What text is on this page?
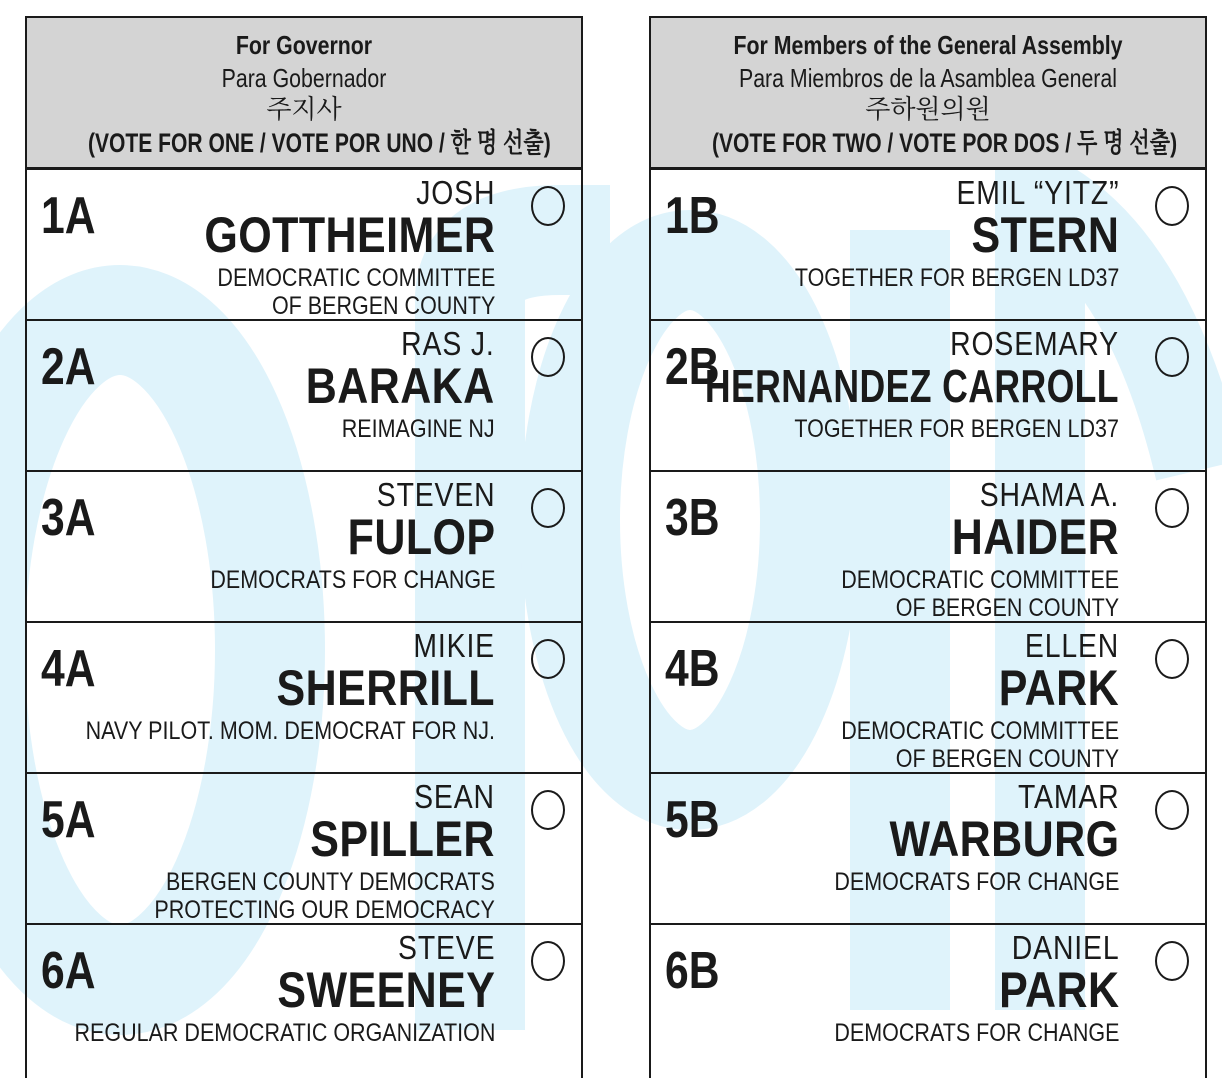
For Governor
Para Gobernador
주지사
(VOTE FOR ONE / VOTE POR UNO / 한 명 선출)
1A	JOSH
GOTTHEIMER
DEMOCRATIC COMMITTEE
OF BERGEN COUNTY
2A	RAS J.
BARAKA
REIMAGINE NJ
3A	STEVEN
FULOP
DEMOCRATS FOR CHANGE
4A	MIKIE
SHERRILL
NAVY PILOT. MOM. DEMOCRAT FOR NJ.
5A	SEAN
SPILLER
BERGEN COUNTY DEMOCRATS
PROTECTING OUR DEMOCRACY
6A	STEVE
SWEENEY
REGULAR DEMOCRATIC ORGANIZATION
For Members of the General Assembly
Para Miembros de la Asamblea General
주하원의원
(VOTE FOR TWO / VOTE POR DOS / 두 명 선출)
1B	EMIL “YITZ”
STERN
TOGETHER FOR BERGEN LD37
2B	ROSEMARY
HERNANDEZ CARROLL
TOGETHER FOR BERGEN LD37
3B	SHAMA A.
HAIDER
DEMOCRATIC COMMITTEE
OF BERGEN COUNTY
4B	ELLEN
PARK
DEMOCRATIC COMMITTEE
OF BERGEN COUNTY
5B	TAMAR
WARBURG
DEMOCRATS FOR CHANGE
6B	DANIEL
PARK
DEMOCRATS FOR CHANGE
